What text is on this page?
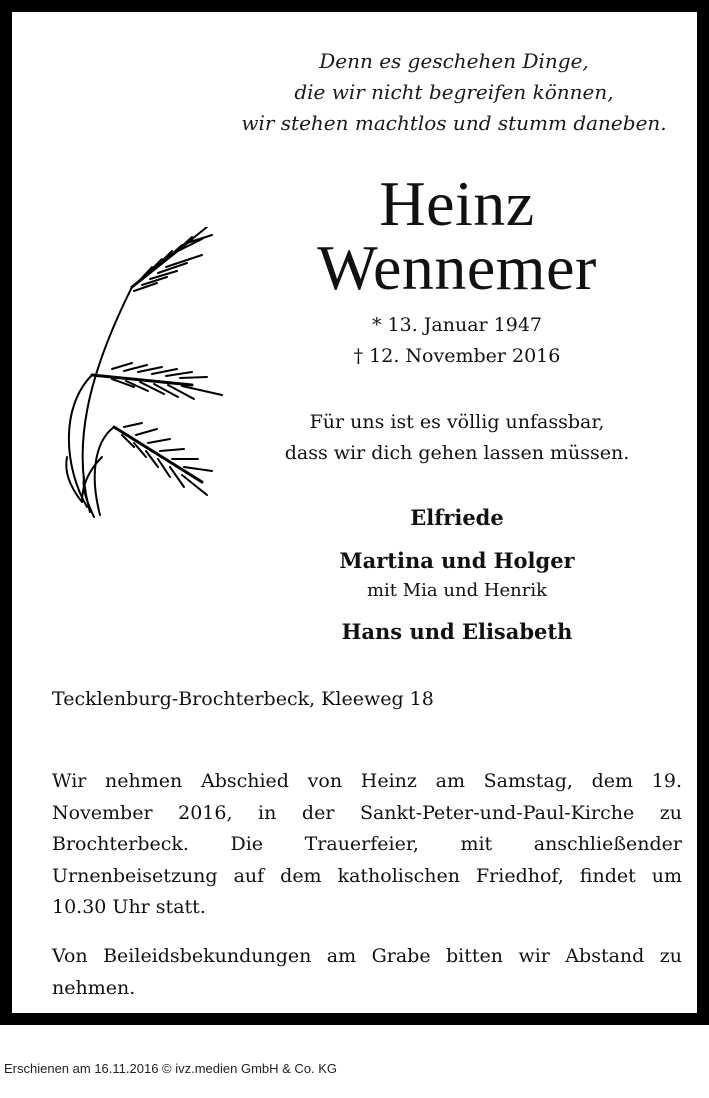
Denn es geschehen Dinge,
die wir nicht begreifen können,
wir stehen machtlos und stumm daneben.
Heinz
Wennemer
* 13. Januar 1947
† 12. November 2016
Für uns ist es völlig unfassbar,
dass wir dich gehen lassen müssen.
Elfriede
Martina und Holger
mit Mia und Henrik
Hans und Elisabeth
Tecklenburg-Brochterbeck, Kleeweg 18
Wir nehmen Abschied von Heinz am Samstag, dem 19. November 2016, in der Sankt-Peter-und-Paul-Kirche zu Brochterbeck. Die Trauerfeier, mit anschließender Urnenbeisetzung auf dem katholischen Friedhof, findet um 10.30 Uhr statt.
Von Beileidsbekundungen am Grabe bitten wir Abstand zu nehmen.
Erschienen am 16.11.2016 © ivz.medien GmbH & Co. KG
